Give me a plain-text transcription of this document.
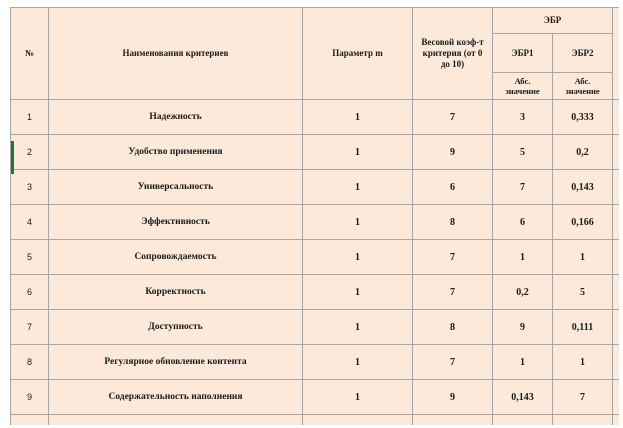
№	Наименования критериев	Параметр m	Весовой коэф-т критерия (от 0 до 10)	ЭБР		
				ЭБР1	ЭБР2	
				Абс. значение	Абс. значение	
1	Надежность	1	7	3	0,333	
2	Удобство применения	1	9	5	0,2	
3	Универсальность	1	6	7	0,143	
4	Эффективность	1	8	6	0,166	
5	Сопровождаемость	1	7	1	1	
6	Корректность	1	7	0,2	5	
7	Доступность	1	8	9	0,111	
8	Регулярное обновление контента	1	7	1	1	
9	Содержательность наполнения	1	9	0,143	7	
